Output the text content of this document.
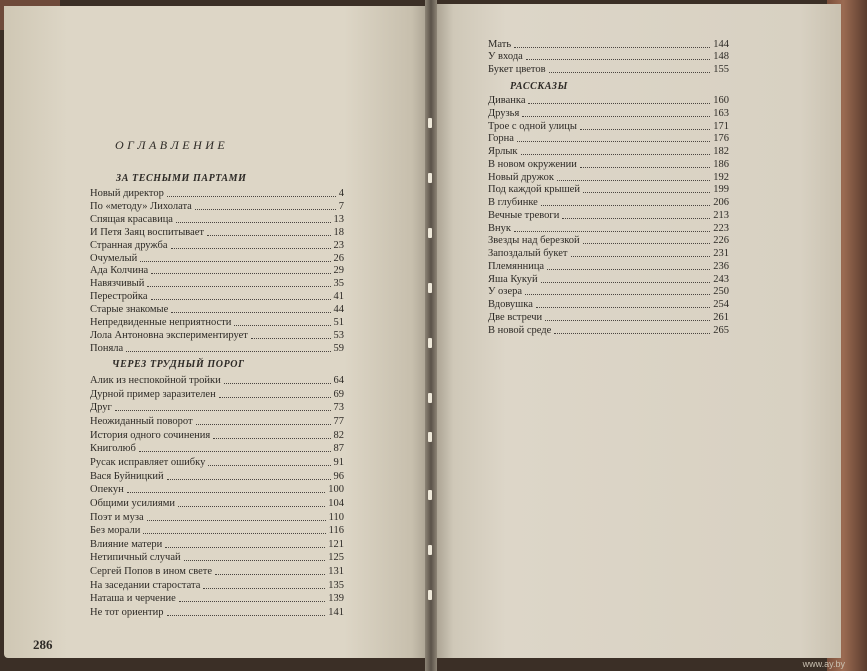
ОГЛАВЛЕНИЕ
ЗА ТЕСНЫМИ ПАРТАМИ
ЧЕРЕЗ ТРУДНЫЙ ПОРОГ
РАССКАЗЫ
Новый директор	4
По «методу» Лихолата	7
Спящая красавица	13
И Петя Заяц воспитывает	18
Странная дружба	23
Очумелый	26
Ада Колчина	29
Навязчивый	35
Перестройка	41
Старые знакомые	44
Непредвиденные неприятности	51
Лола Антоновна экспериментирует	53
Поняла	59
Алик из неспокойной тройки	64
Дурной пример заразителен	69
Друг	73
Неожиданный поворот	77
История одного сочинения	82
Книголюб	87
Русак исправляет ошибку	91
Вася Буйницкий	96
Опекун	100
Общими усилиями	104
Поэт и муза	110
Без морали	116
Влияние матери	121
Нетипичный случай	125
Сергей Попов в ином свете	131
На заседании старостата	135
Наташа и черчение	139
Не тот ориентир	141
Мать	144
У входа	148
Букет цветов	155
Диванка	160
Друзья	163
Трое с одной улицы	171
Горна	176
Ярлык	182
В новом окружении	186
Новый дружок	192
Под каждой крышей	199
В глубинке	206
Вечные тревоги	213
Внук	223
Звезды над березкой	226
Запоздалый букет	231
Племянница	236
Яша Кукуй	243
У озера	250
Вдовушка	254
Две встречи	261
В новой среде	265
286
www.ay.by
